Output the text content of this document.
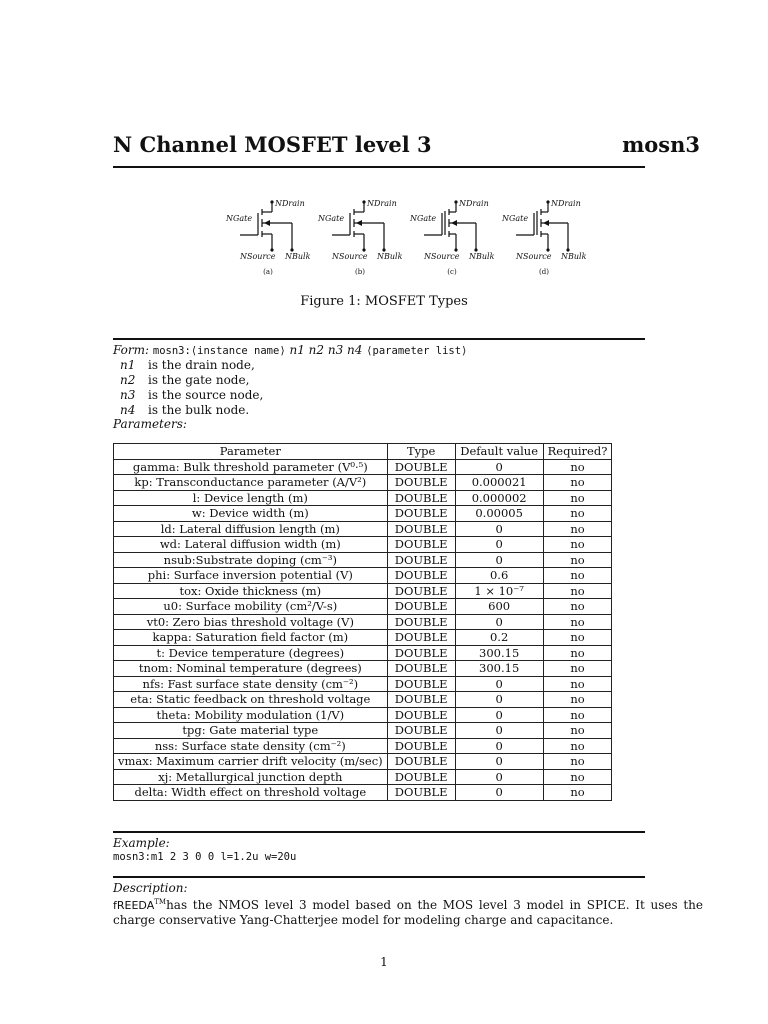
N Channel MOSFET level 3	mosn3
NDrain
NGate
NSource NBulk
(a)
NDrain
NGate
NSource NBulk
(b)
NDrain
NGate
NSource NBulk
(c)
NDrain
NGate
NSource NBulk
(d)
Figure 1: MOSFET Types
Form: mosn3:⟨instance name⟩ n1 n2 n3 n4 ⟨parameter list⟩
n1 is the drain node,
n2 is the gate node,
n3 is the source node,
n4 is the bulk node.
Parameters:
Parameter	Type	Default value	Required?
gamma: Bulk threshold parameter (V⁰·⁵)	DOUBLE	0	no
kp: Transconductance parameter (A/V²)	DOUBLE	0.000021	no
l: Device length (m)	DOUBLE	0.000002	no
w: Device width (m)	DOUBLE	0.00005	no
ld: Lateral diffusion length (m)	DOUBLE	0	no
wd: Lateral diffusion width (m)	DOUBLE	0	no
nsub:Substrate doping (cm⁻³)	DOUBLE	0	no
phi: Surface inversion potential (V)	DOUBLE	0.6	no
tox: Oxide thickness (m)	DOUBLE	1 × 10⁻⁷	no
u0: Surface mobility (cm²/V-s)	DOUBLE	600	no
vt0: Zero bias threshold voltage (V)	DOUBLE	0	no
kappa: Saturation field factor (m)	DOUBLE	0.2	no
t: Device temperature (degrees)	DOUBLE	300.15	no
tnom: Nominal temperature (degrees)	DOUBLE	300.15	no
nfs: Fast surface state density (cm⁻²)	DOUBLE	0	no
eta: Static feedback on threshold voltage	DOUBLE	0	no
theta: Mobility modulation (1/V)	DOUBLE	0	no
tpg: Gate material type	DOUBLE	0	no
nss: Surface state density (cm⁻²)	DOUBLE	0	no
vmax: Maximum carrier drift velocity (m/sec)	DOUBLE	0	no
xj: Metallurgical junction depth	DOUBLE	0	no
delta: Width effect on threshold voltage	DOUBLE	0	no
Example:
mosn3:m1 2 3 0 0 l=1.2u w=20u
Description:
fREEDA™has the NMOS level 3 model based on the MOS level 3 model in SPICE. It uses the charge conservative Yang-Chatterjee model for modeling charge and capacitance.
1
